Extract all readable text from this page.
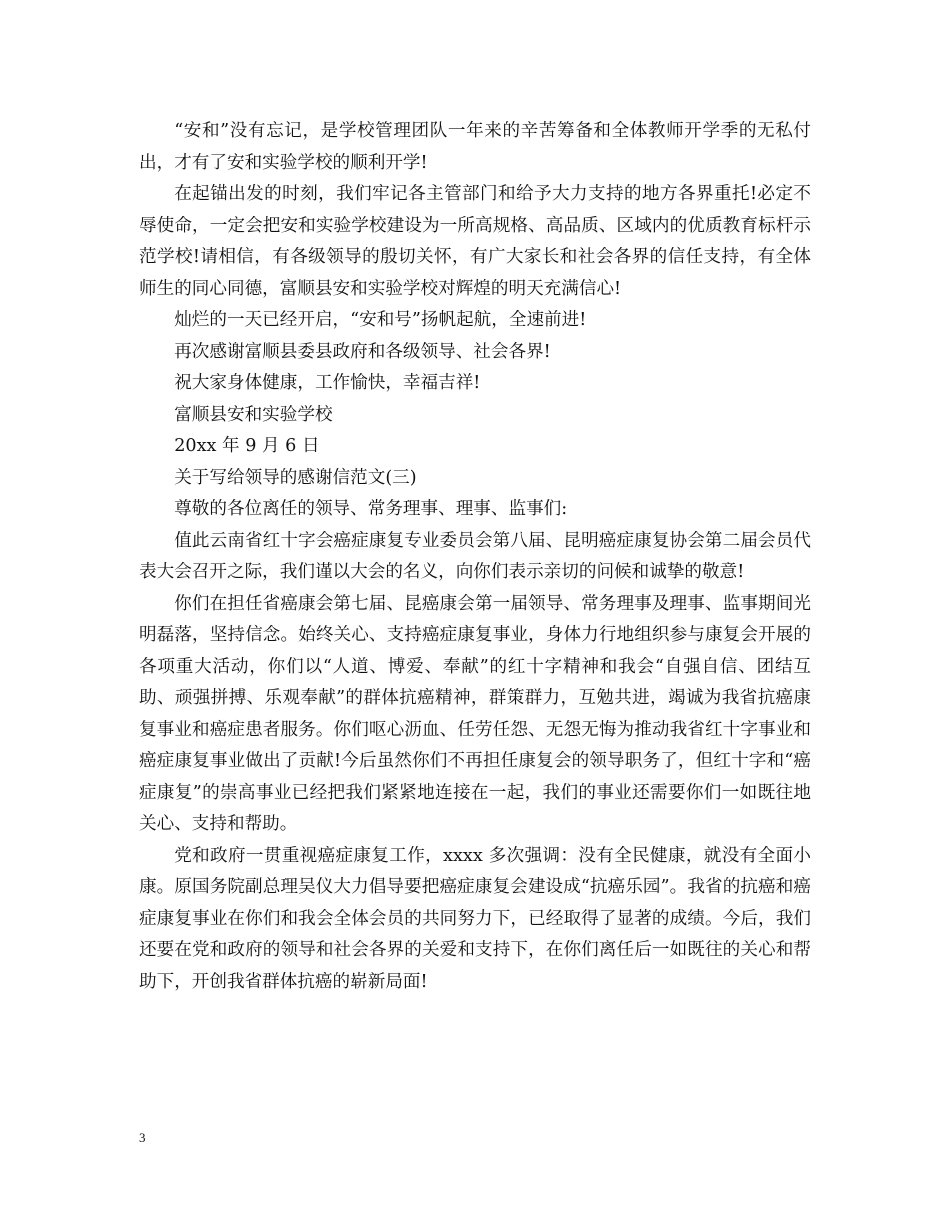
“安和”没有忘记，是学校管理团队一年来的辛苦筹备和全体教师开学季的无私付出，才有了安和实验学校的顺利开学!

在起锚出发的时刻，我们牢记各主管部门和给予大力支持的地方各界重托!必定不辱使命，一定会把安和实验学校建设为一所高规格、高品质、区域内的优质教育标杆示范学校!请相信，有各级领导的殷切关怀，有广大家长和社会各界的信任支持，有全体师生的同心同德，富顺县安和实验学校对辉煌的明天充满信心!

灿烂的一天已经开启，“安和号”扬帆起航，全速前进!

再次感谢富顺县委县政府和各级领导、社会各界!

祝大家身体健康，工作愉快，幸福吉祥!

富顺县安和实验学校

20xx 年 9 月 6 日

关于写给领导的感谢信范文(三)

尊敬的各位离任的领导、常务理事、理事、监事们:

值此云南省红十字会癌症康复专业委员会第八届、昆明癌症康复协会第二届会员代表大会召开之际，我们谨以大会的名义，向你们表示亲切的问候和诚挚的敬意!

你们在担任省癌康会第七届、昆癌康会第一届领导、常务理事及理事、监事期间光明磊落，坚持信念。始终关心、支持癌症康复事业，身体力行地组织参与康复会开展的各项重大活动，你们以“人道、博爱、奉献”的红十字精神和我会“自强自信、团结互助、顽强拼搏、乐观奉献”的群体抗癌精神，群策群力，互勉共进，竭诚为我省抗癌康复事业和癌症患者服务。你们呕心沥血、任劳任怨、无怨无悔为推动我省红十字事业和癌症康复事业做出了贡献!今后虽然你们不再担任康复会的领导职务了，但红十字和“癌症康复”的崇高事业已经把我们紧紧地连接在一起，我们的事业还需要你们一如既往地关心、支持和帮助。

党和政府一贯重视癌症康复工作，xxxx 多次强调：没有全民健康，就没有全面小康。原国务院副总理吴仪大力倡导要把癌症康复会建设成“抗癌乐园”。我省的抗癌和癌症康复事业在你们和我会全体会员的共同努力下，已经取得了显著的成绩。今后，我们还要在党和政府的领导和社会各界的关爱和支持下，在你们离任后一如既往的关心和帮助下，开创我省群体抗癌的崭新局面!

3
